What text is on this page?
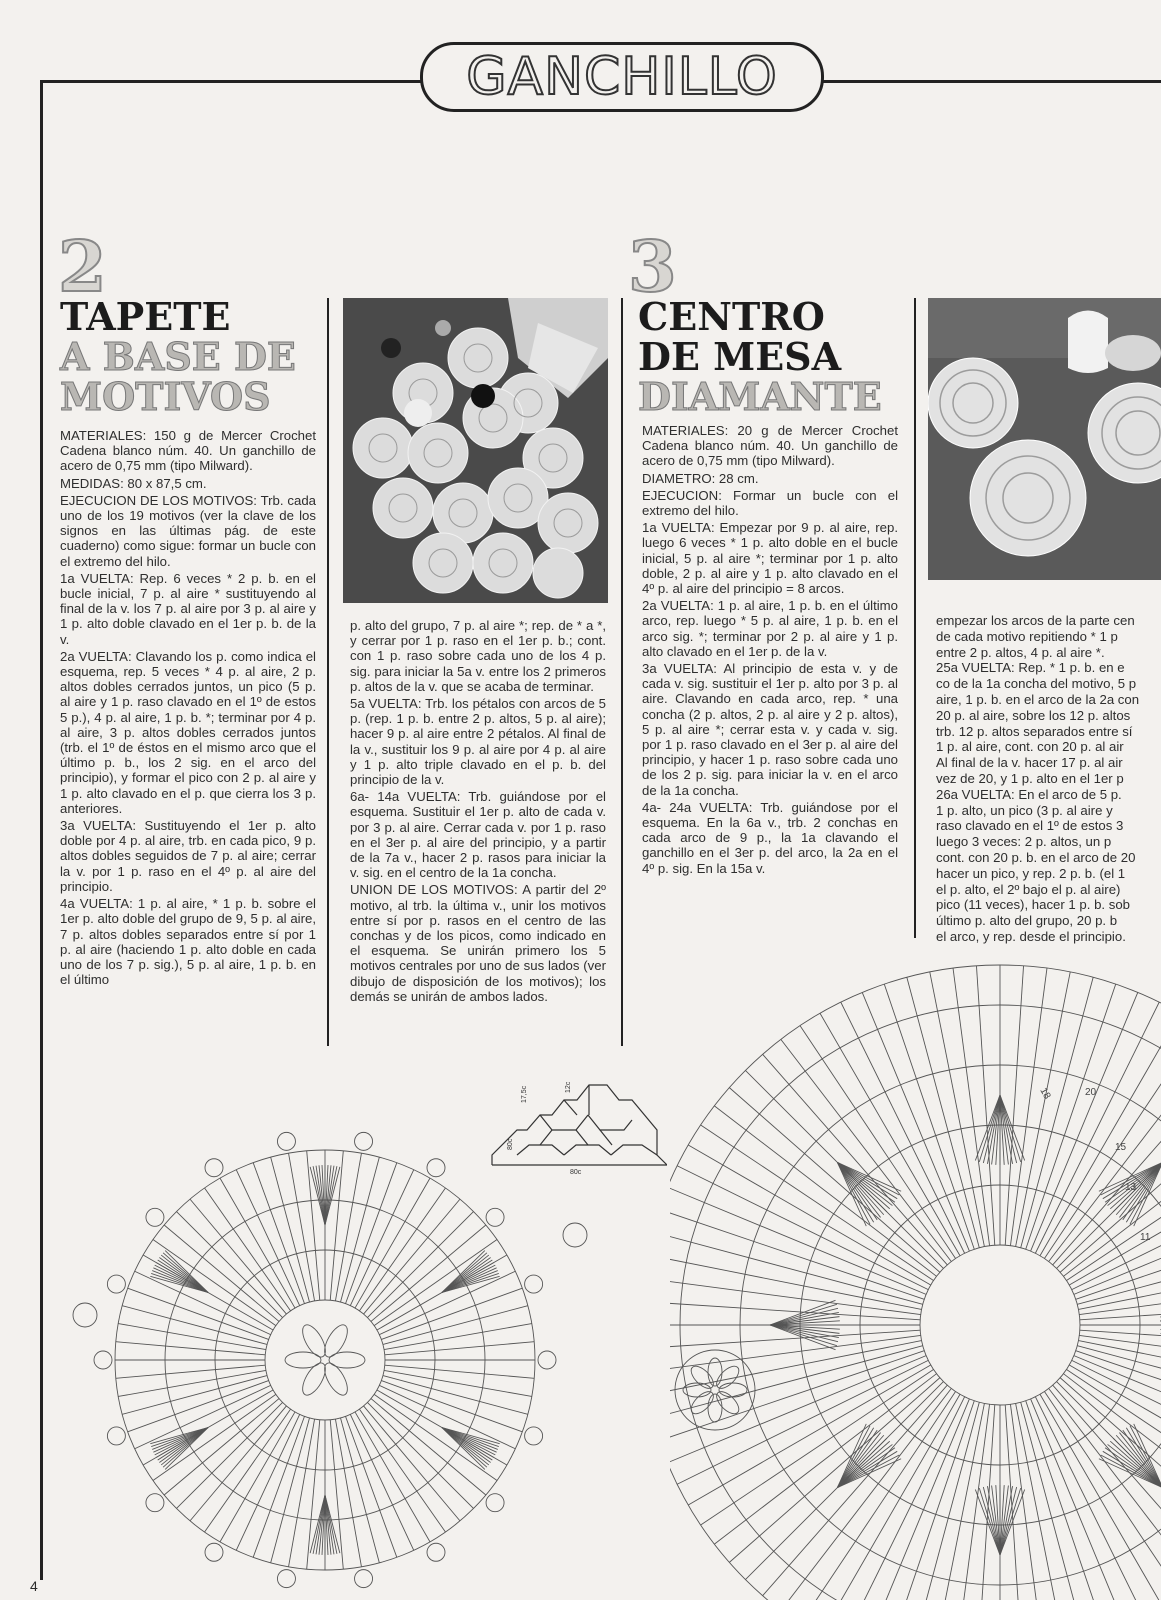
GANCHILLO
2
TAPETE
A BASE DE
MOTIVOS

MATERIALES: 150 g de Mercer Crochet Cadena blanco núm. 40. Un ganchillo de acero de 0,75 mm (tipo Milward).

MEDIDAS: 80 x 87,5 cm.

EJECUCION DE LOS MOTIVOS: Trb. cada uno de los 19 motivos (ver la clave de los signos en las últimas pág. de este cuaderno) como sigue: formar un bucle con el extremo del hilo.

1a VUELTA: Rep. 6 veces * 2 p. b. en el bucle inicial, 7 p. al aire * sustituyendo al final de la v. los 7 p. al aire por 3 p. al aire y 1 p. alto doble clavado en el 1er p. b. de la v.

2a VUELTA: Clavando los p. como indica el esquema, rep. 5 veces * 4 p. al aire, 2 p. altos dobles cerrados juntos, un pico (5 p. al aire y 1 p. raso clavado en el 1º de estos 5 p.), 4 p. al aire, 1 p. b. *; terminar por 4 p. al aire, 3 p. altos dobles cerrados juntos (trb. el 1º de éstos en el mismo arco que el último p. b., los 2 sig. en el arco del principio), y formar el pico con 2 p. al aire y 1 p. alto clavado en el p. que cierra los 3 p. anteriores.

3a VUELTA: Sustituyendo el 1er p. alto doble por 4 p. al aire, trb. en cada pico, 9 p. altos dobles seguidos de 7 p. al aire; cerrar la v. por 1 p. raso en el 4º p. al aire del principio.

4a VUELTA: 1 p. al aire, * 1 p. b. sobre el 1er p. alto doble del grupo de 9, 5 p. al aire, 7 p. altos dobles separados entre sí por 1 p. al aire (haciendo 1 p. alto doble en cada uno de los 7 p. sig.), 5 p. al aire, 1 p. b. en el último

p. alto del grupo, 7 p. al aire *; rep. de * a *, y cerrar por 1 p. raso en el 1er p. b.; cont. con 1 p. raso sobre cada uno de los 4 p. sig. para iniciar la 5a v. entre los 2 primeros p. altos de la v. que se acaba de terminar.

5a VUELTA: Trb. los pétalos con arcos de 5 p. (rep. 1 p. b. entre 2 p. altos, 5 p. al aire); hacer 9 p. al aire entre 2 pétalos. Al final de la v., sustituir los 9 p. al aire por 4 p. al aire y 1 p. alto triple clavado en el p. b. del principio de la v.

6a- 14a VUELTA: Trb. guiándose por el esquema. Sustituir el 1er p. alto de cada v. por 3 p. al aire. Cerrar cada v. por 1 p. raso en el 3er p. al aire del principio, y a partir de la 7a v., hacer 2 p. rasos para iniciar la v. sig. en el centro de la 1a concha.

UNION DE LOS MOTIVOS: A partir del 2º motivo, al trb. la última v., unir los motivos entre sí por p. rasos en el centro de las conchas y de los picos, como indicado en el esquema. Se unirán primero los 5 motivos centrales por uno de sus lados (ver dibujo de disposición de los motivos); los demás se unirán de ambos lados.

3
CENTRO
DE MESA
DIAMANTE

MATERIALES: 20 g de Mercer Crochet Cadena blanco núm. 40. Un ganchillo de acero de 0,75 mm (tipo Milward).

DIAMETRO: 28 cm.

EJECUCION: Formar un bucle con el extremo del hilo.

1a VUELTA: Empezar por 9 p. al aire, rep. luego 6 veces * 1 p. alto doble en el bucle inicial, 5 p. al aire *; terminar por 1 p. alto doble, 2 p. al aire y 1 p. alto clavado en el 4º p. al aire del principio = 8 arcos.

2a VUELTA: 1 p. al aire, 1 p. b. en el último arco, rep. luego * 5 p. al aire, 1 p. b. en el arco sig. *; terminar por 2 p. al aire y 1 p. alto clavado en el 1er p. de la v.

3a VUELTA: Al principio de esta v. y de cada v. sig. sustituir el 1er p. alto por 3 p. al aire. Clavando en cada arco, rep. * una concha (2 p. altos, 2 p. al aire y 2 p. altos), 5 p. al aire *; cerrar esta v. y cada v. sig. por 1 p. raso clavado en el 3er p. al aire del principio, y hacer 1 p. raso sobre cada uno de los 2 p. sig. para iniciar la v. en el arco de la 1a concha.

4a- 24a VUELTA: Trb. guiándose por el esquema. En la 6a v., trb. 2 conchas en cada arco de 9 p., la 1a clavando el ganchillo en el 3er p. del arco, la 2a en el 4º p. sig. En la 15a v.

empezar los arcos de la parte cen
de cada motivo repitiendo * 1 p
entre 2 p. altos, 4 p. al aire *.
25a VUELTA: Rep. * 1 p. b. en e
co de la 1a concha del motivo, 5 p
aire, 1 p. b. en el arco de la 2a con
20 p. al aire, sobre los 12 p. altos
trb. 12 p. altos separados entre sí
1 p. al aire, cont. con 20 p. al air
Al final de la v. hacer 17 p. al air
vez de 20, y 1 p. alto en el 1er p
26a VUELTA: En el arco de 5 p.
1 p. alto, un pico (3 p. al aire y
raso clavado en el 1º de estos 3
luego 3 veces: 2 p. altos, un p
cont. con 20 p. b. en el arco de 20
hacer un pico, y rep. 2 p. b. (el 1
el p. alto, el 2º bajo el p. al aire)
pico (11 veces), hacer 1 p. b. sob
último p. alto del grupo, 20 p. b
el arco, y rep. desde el principio.
17,5c	12c
80c
80c
20
18
15
13
11
4
